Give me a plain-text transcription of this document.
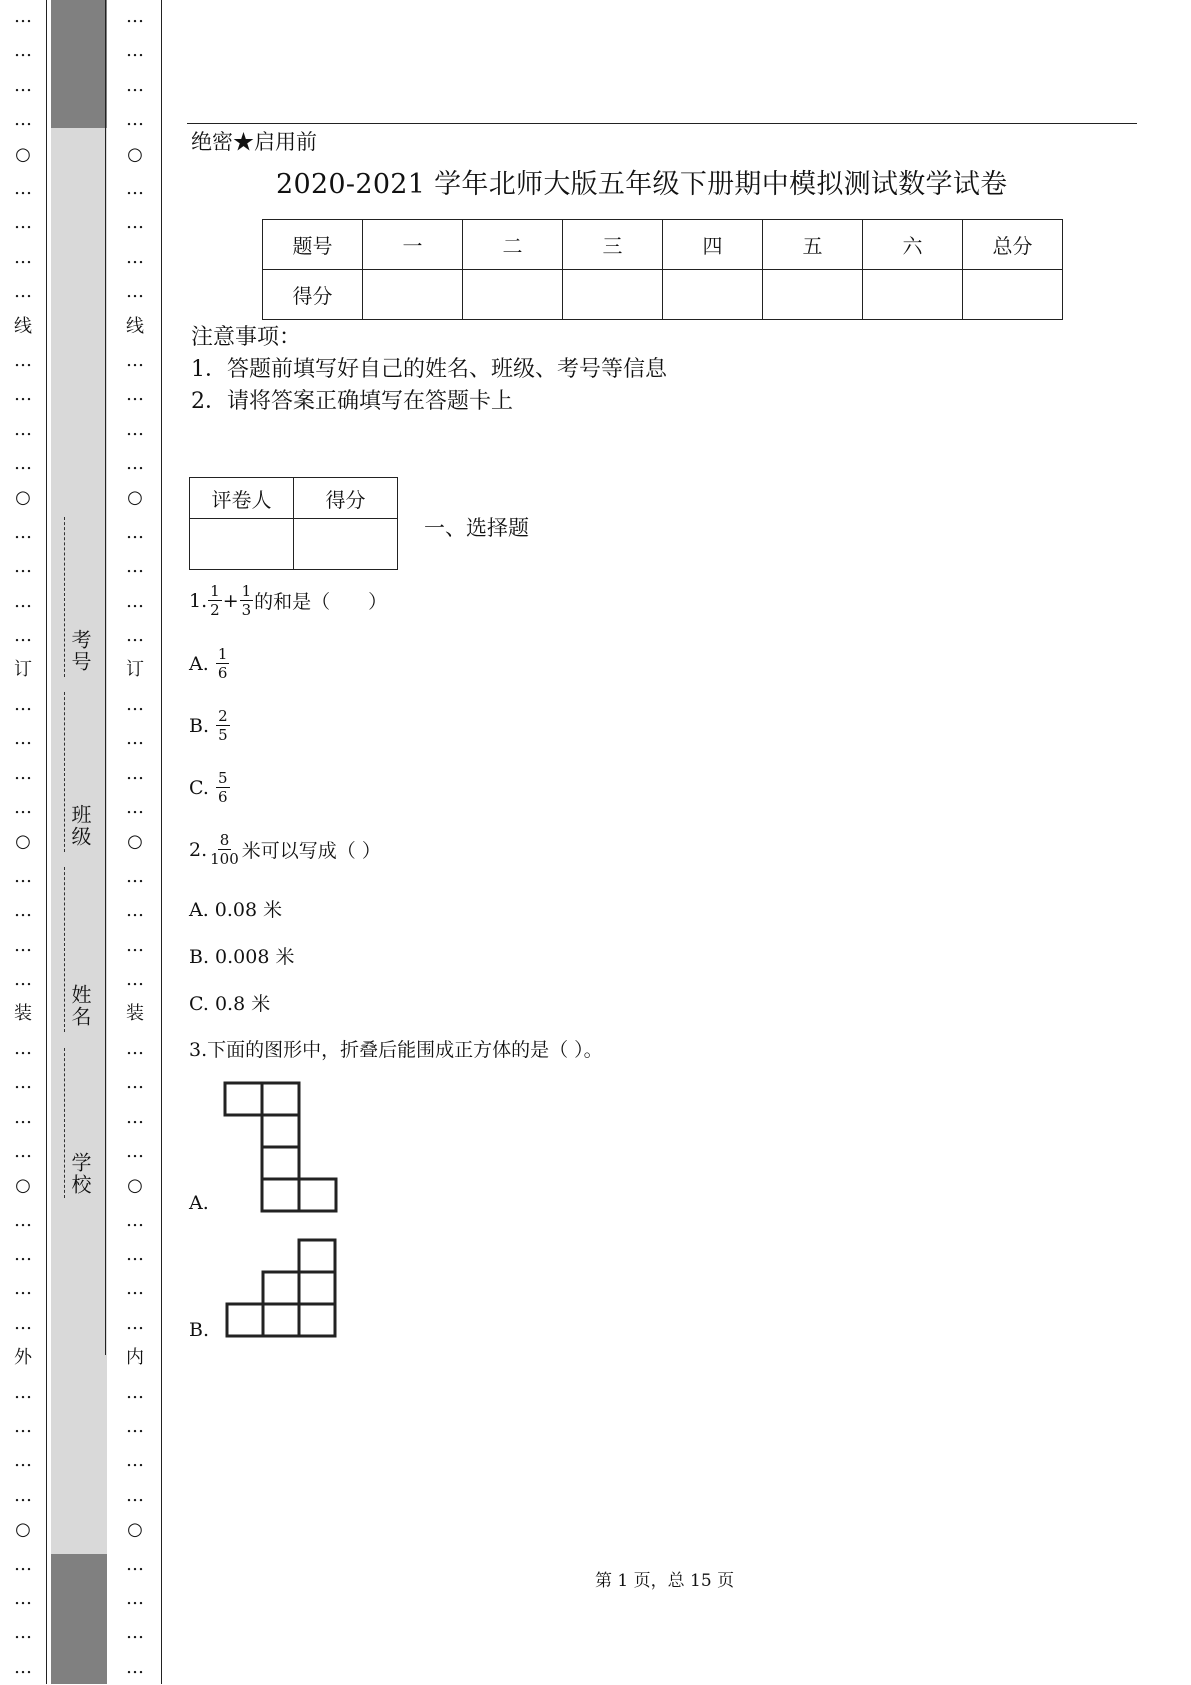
…
…
…
…
○
…
…
…
…
线
…
…
…
…
○
…
…
…
…
订
…
…
…
…
○
…
…
…
…
装
…
…
…
…
○
…
…
…
…
外
…
…
…
…
○
…
…
…
…
…
…
…
…
○
…
…
…
…
线
…
…
…
…
○
…
…
…
…
订
…
…
…
…
○
…
…
…
…
装
…
…
…
…
○
…
…
…
…
内
…
…
…
…
○
…
…
…
…
考号
班级
姓名
学校
绝密★启用前
2020-2021 学年北师大版五年级下册期中模拟测试数学试卷
题号	一	二	三	四	五	六	总分
得分							
注意事项：
1．答题前填写好自己的姓名、班级、考号等信息
2．请将答案正确填写在答题卡上
评卷人	得分

一、选择题
1. $\frac{1}{2} + \frac{1}{3}$ 的和是（　　）
A.
$\frac{1}{6}$
B.
$\frac{2}{5}$
C.
$\frac{5}{6}$
2. $\frac{8}{100}$ 米可以写成（ ）
A. 0.08 米
B. 0.008 米
C. 0.8 米
3.下面的图形中，折叠后能围成正方体的是（ ）。
A.
B.
第 1 页，总 15 页
